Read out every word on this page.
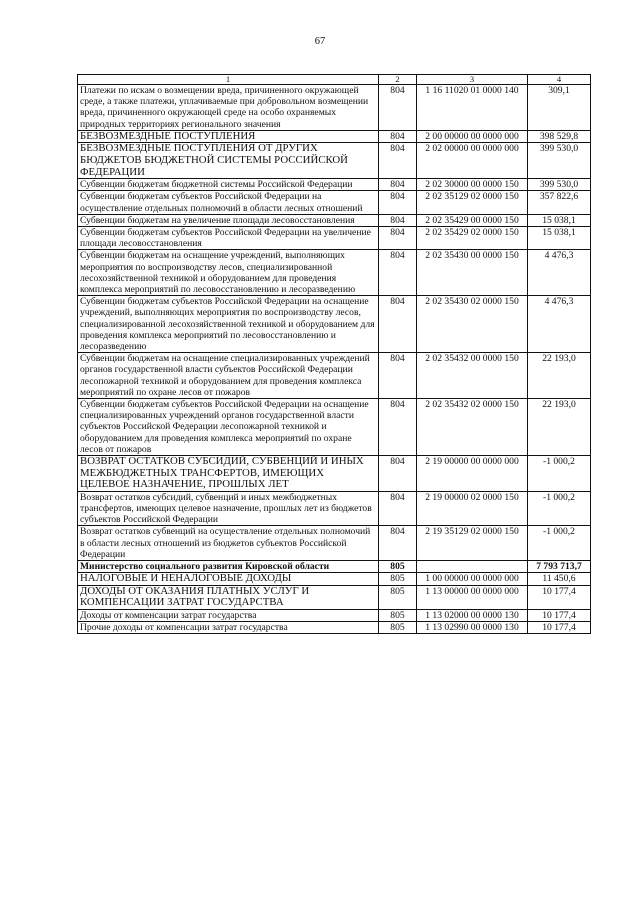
67
1	2	3	4
Платежи по искам о возмещении вреда, причиненного окружающей среде, а также платежи, уплачиваемые при добровольном возмещении вреда, причиненного окружающей среде на особо охраняемых природных территориях регионального значения	804	1 16 11020 01 0000 140	309,1
БЕЗВОЗМЕЗДНЫЕ ПОСТУПЛЕНИЯ	804	2 00 00000 00 0000 000	398 529,8
БЕЗВОЗМЕЗДНЫЕ ПОСТУПЛЕНИЯ ОТ ДРУГИХ БЮДЖЕТОВ БЮДЖЕТНОЙ СИСТЕМЫ РОССИЙСКОЙ ФЕДЕРАЦИИ	804	2 02 00000 00 0000 000	399 530,0
Субвенции бюджетам бюджетной системы Российской Федерации	804	2 02 30000 00 0000 150	399 530,0
Субвенции бюджетам субъектов Российской Федерации на осуществление отдельных полномочий в области лесных отношений	804	2 02 35129 02 0000 150	357 822,6
Субвенции бюджетам на увеличение площади лесовосстановления	804	2 02 35429 00 0000 150	15 038,1
Субвенции бюджетам субъектов Российской Федерации на увеличение площади лесовосстановления	804	2 02 35429 02 0000 150	15 038,1
Субвенции бюджетам на оснащение учреждений, выполняющих мероприятия по воспроизводству лесов, специализированной лесохозяйственной техникой и оборудованием для проведения комплекса мероприятий по лесовосстановлению и лесоразведению	804	2 02 35430 00 0000 150	4 476,3
Субвенции бюджетам субъектов Российской Федерации на оснащение учреждений, выполняющих мероприятия по воспроизводству лесов, специализированной лесохозяйственной техникой и оборудованием для проведения комплекса мероприятий по лесовосстановлению и лесоразведению	804	2 02 35430 02 0000 150	4 476,3
Субвенции бюджетам на оснащение специализированных учреждений органов государственной власти субъектов Российской Федерации лесопожарной техникой и оборудованием для проведения комплекса мероприятий по охране лесов от пожаров	804	2 02 35432 00 0000 150	22 193,0
Субвенции бюджетам субъектов Российской Федерации на оснащение специализированных учреждений органов государственной власти субъектов Российской Федерации лесопожарной техникой и оборудованием для проведения комплекса мероприятий по охране лесов от пожаров	804	2 02 35432 02 0000 150	22 193,0
ВОЗВРАТ ОСТАТКОВ СУБСИДИЙ, СУБВЕНЦИЙ И ИНЫХ МЕЖБЮДЖЕТНЫХ ТРАНСФЕРТОВ, ИМЕЮЩИХ ЦЕЛЕВОЕ НАЗНАЧЕНИЕ, ПРОШЛЫХ ЛЕТ	804	2 19 00000 00 0000 000	-1 000,2
Возврат остатков субсидий, субвенций и иных межбюджетных трансфертов, имеющих целевое назначение, прошлых лет из бюджетов субъектов Российской Федерации	804	2 19 00000 02 0000 150	-1 000,2
Возврат остатков субвенций на осуществление отдельных полномочий в области лесных отношений из бюджетов субъектов Российской Федерации	804	2 19 35129 02 0000 150	-1 000,2
Министерство социального развития Кировской области	805		7 793 713,7
НАЛОГОВЫЕ И НЕНАЛОГОВЫЕ ДОХОДЫ	805	1 00 00000 00 0000 000	11 450,6
ДОХОДЫ ОТ ОКАЗАНИЯ ПЛАТНЫХ УСЛУГ И КОМПЕНСАЦИИ ЗАТРАТ ГОСУДАРСТВА	805	1 13 00000 00 0000 000	10 177,4
Доходы от компенсации затрат государства	805	1 13 02000 00 0000 130	10 177,4
Прочие доходы от компенсации затрат государства	805	1 13 02990 00 0000 130	10 177,4
